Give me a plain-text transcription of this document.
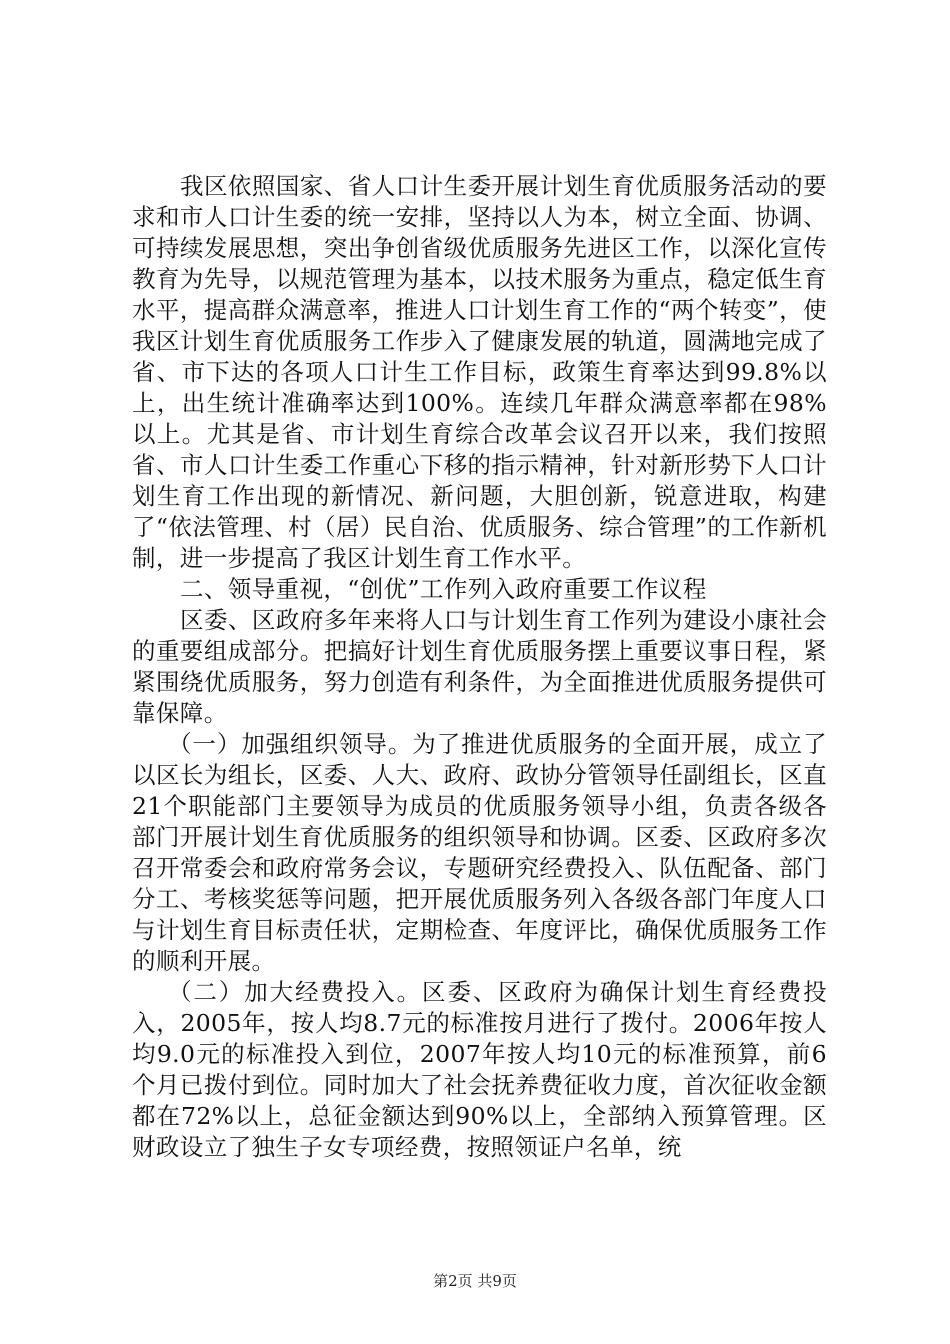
我区依照国家、省人口计生委开展计划生育优质服务活动的要求和市人口计生委的统一安排，坚持以人为本，树立全面、协调、可持续发展思想，突出争创省级优质服务先进区工作，以深化宣传教育为先导，以规范管理为基本，以技术服务为重点，稳定低生育水平，提高群众满意率，推进人口计划生育工作的“两个转变”，使我区计划生育优质服务工作步入了健康发展的轨道，圆满地完成了省、市下达的各项人口计生工作目标，政策生育率达到99.8%以上，出生统计准确率达到100%。连续几年群众满意率都在98%以上。尤其是省、市计划生育综合改革会议召开以来，我们按照省、市人口计生委工作重心下移的指示精神，针对新形势下人口计划生育工作出现的新情况、新问题，大胆创新，锐意进取，构建了“依法管理、村（居）民自治、优质服务、综合管理”的工作新机制，进一步提高了我区计划生育工作水平。

二、领导重视，“创优”工作列入政府重要工作议程

区委、区政府多年来将人口与计划生育工作列为建设小康社会的重要组成部分。把搞好计划生育优质服务摆上重要议事日程，紧紧围绕优质服务，努力创造有利条件，为全面推进优质服务提供可靠保障。

（一）加强组织领导。为了推进优质服务的全面开展，成立了以区长为组长，区委、人大、政府、政协分管领导任副组长，区直21个职能部门主要领导为成员的优质服务领导小组，负责各级各部门开展计划生育优质服务的组织领导和协调。区委、区政府多次召开常委会和政府常务会议，专题研究经费投入、队伍配备、部门分工、考核奖惩等问题，把开展优质服务列入各级各部门年度人口与计划生育目标责任状，定期检查、年度评比，确保优质服务工作的顺利开展。

（二）加大经费投入。区委、区政府为确保计划生育经费投入，2005年，按人均8.7元的标准按月进行了拨付。2006年按人均9.0元的标准投入到位，2007年按人均10元的标准预算，前6个月已拨付到位。同时加大了社会抚养费征收力度，首次征收金额都在72%以上，总征金额达到90%以上，全部纳入预算管理。区财政设立了独生子女专项经费，按照领证户名单，统

第2页 共9页
